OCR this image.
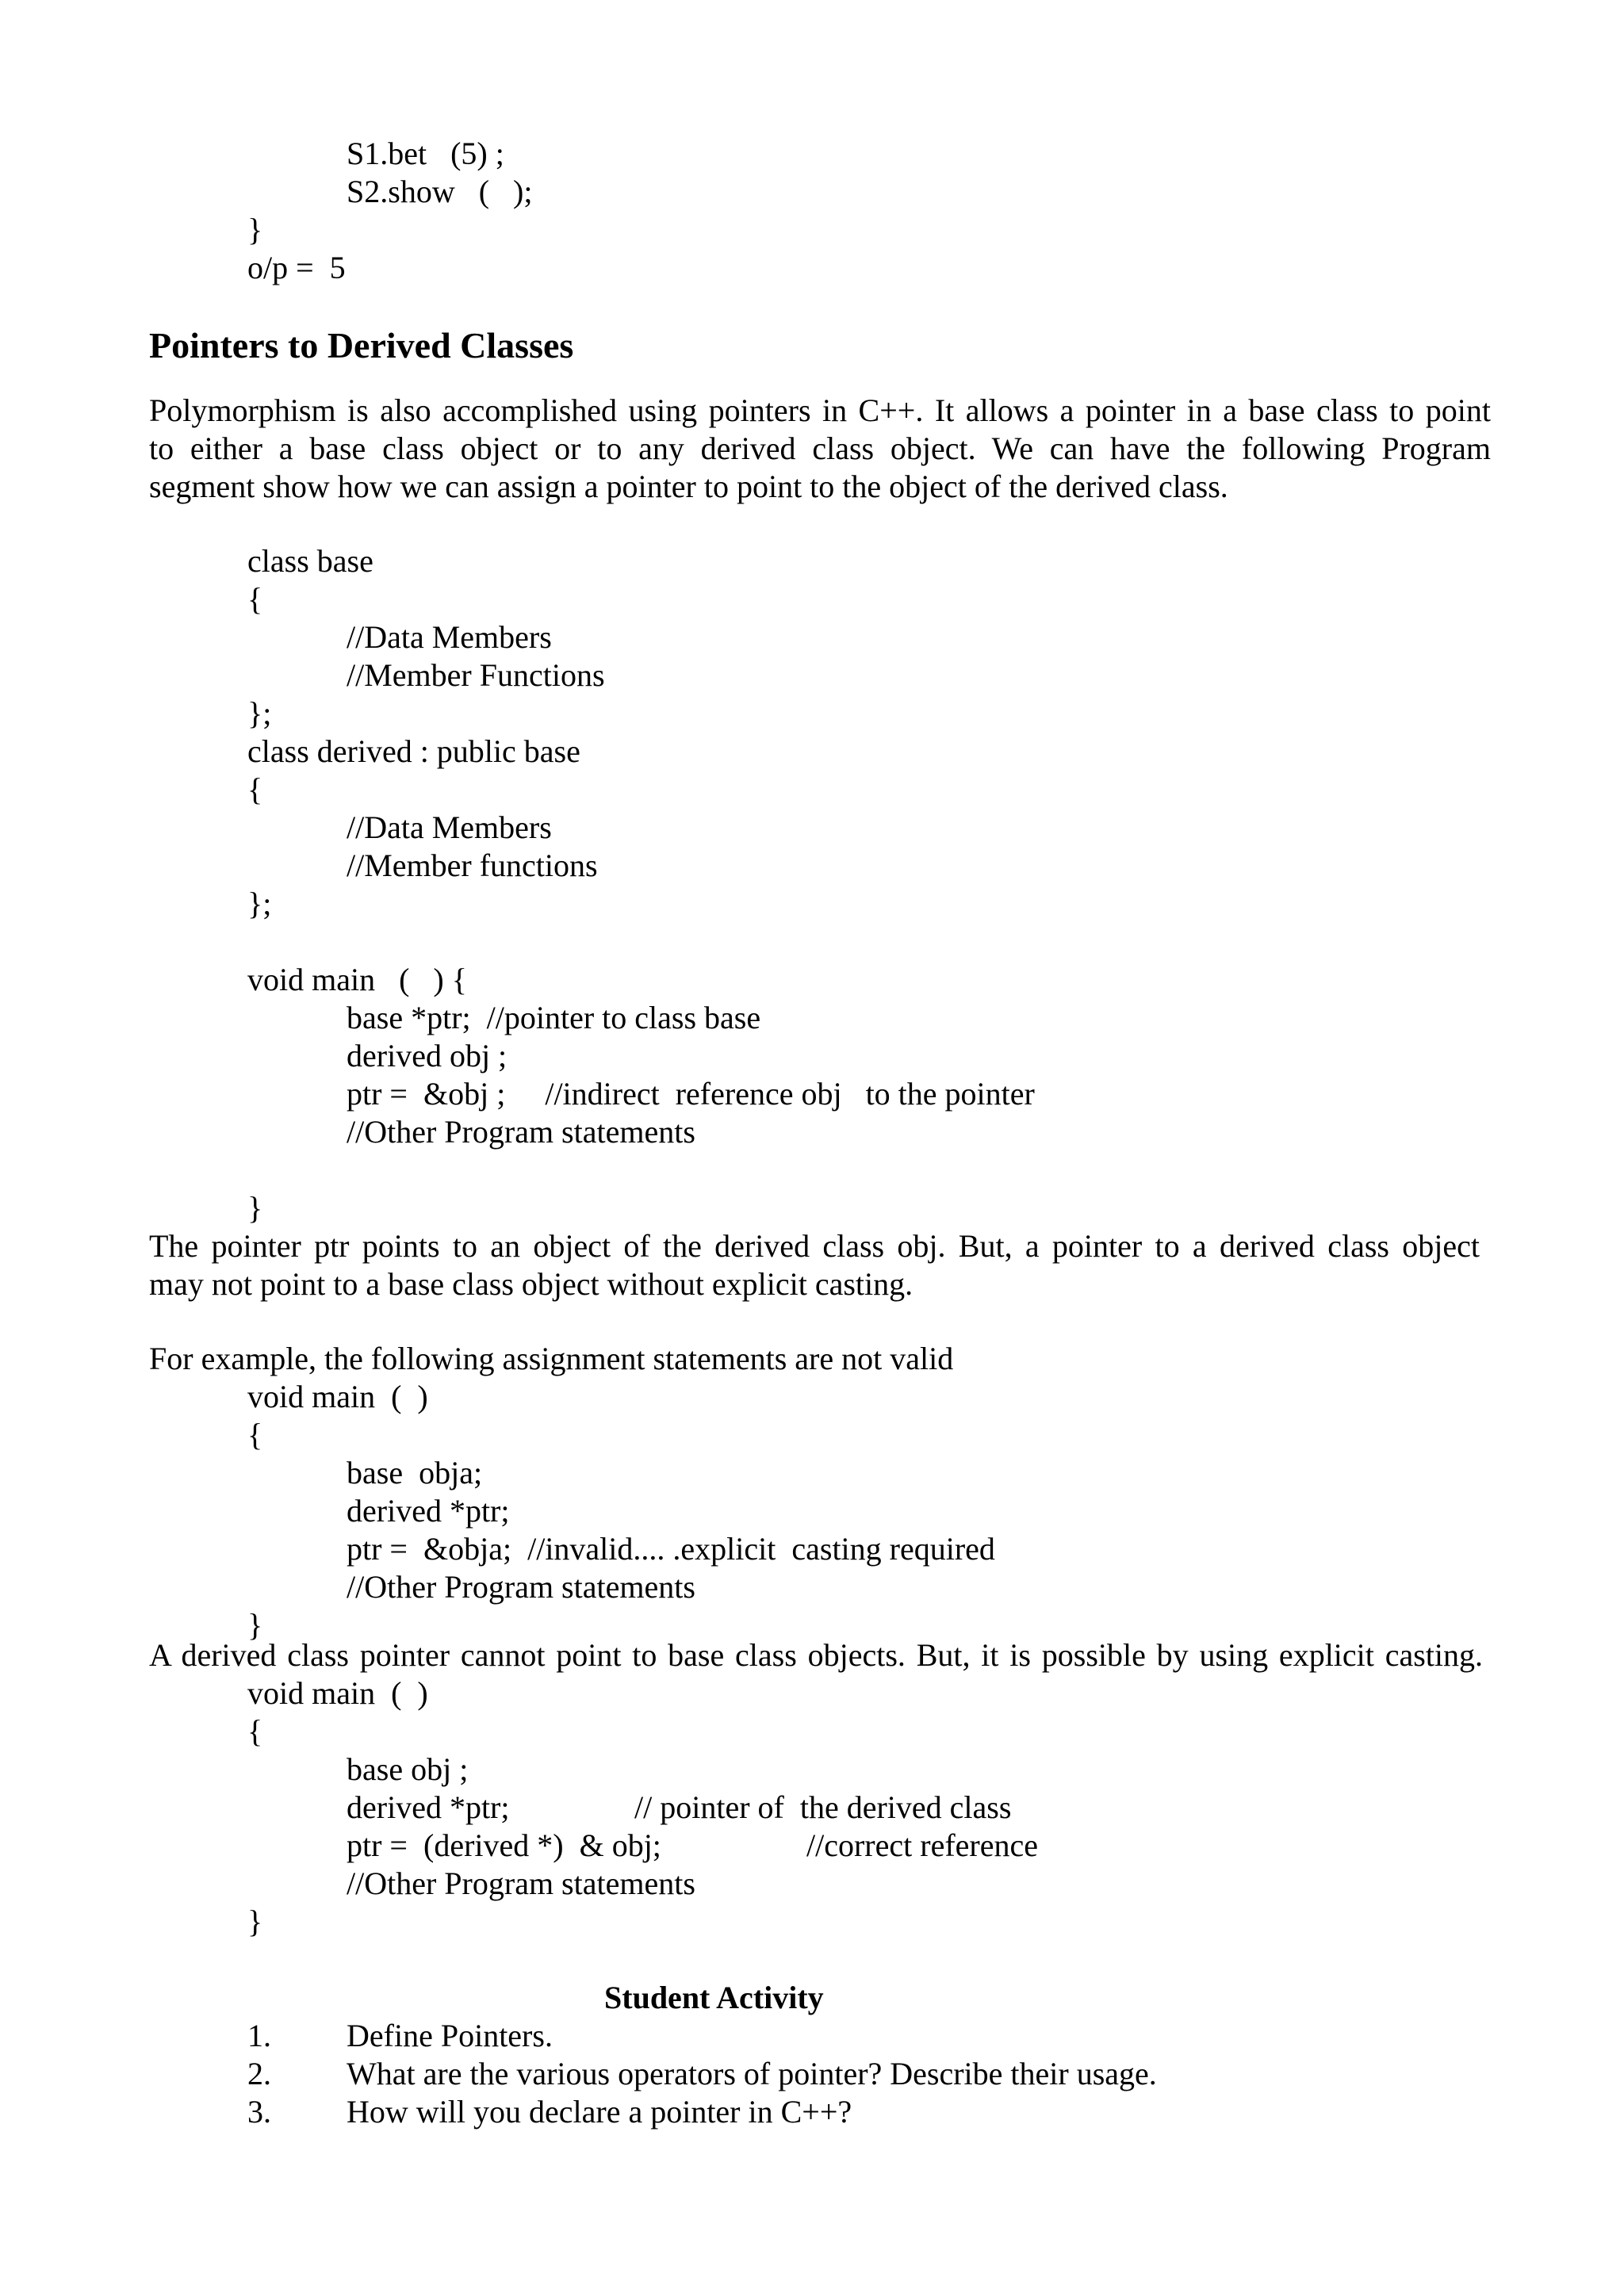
S1.bet   (5) ;
S2.show   (   );
}
o/p =  5
Pointers to Derived Classes
Polymorphism is also accomplished using pointers in C++. It allows a pointer in a base class to point
to either a base class object or to any derived class object. We can have the following Program
segment show how we can assign a pointer to point to the object of the derived class.
class base
{
//Data Members
//Member Functions
};
class derived : public base
{
//Data Members
//Member functions
};
void main   (   ) {
base *ptr;  //pointer to class base
derived obj ;
ptr =  &obj ;     //indirect  reference obj   to the pointer
//Other Program statements
}
The pointer ptr points to an object of the derived class obj. But, a pointer to a derived class object
may not point to a base class object without explicit casting.
For example, the following assignment statements are not valid
void main  (  )
{
base  obja;
derived *ptr;
ptr =  &obja;  //invalid.... .explicit  casting required
//Other Program statements
}
A derived class pointer cannot point to base class objects. But, it is possible by using explicit casting.
void main  (  )
{
base obj ;
derived *ptr;	// pointer of  the derived class
ptr =  (derived *)  & obj;	//correct reference
//Other Program statements
}
Student Activity
1. Define Pointers.
2. What are the various operators of pointer? Describe their usage.
3. How will you declare a pointer in C++?
